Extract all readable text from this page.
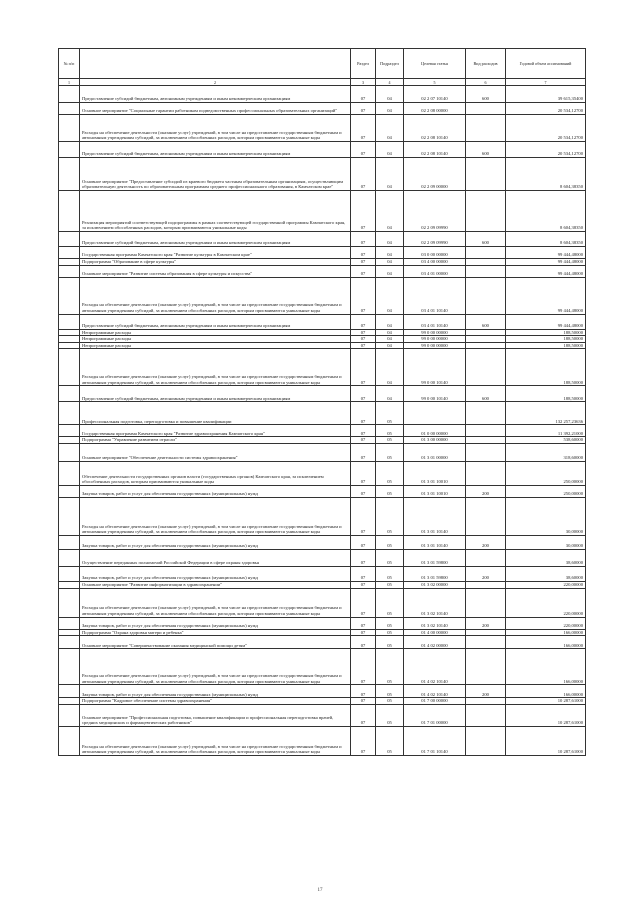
№ п/п		Раздел	Подраздел	Целевая статья	Вид расходов	Годовой объем ассигнований
1	2	3	4	5	6	7
	Предоставление субсидий бюджетным, автономным учреждениям и иным некоммерческим организациям	07	04	02 2 07 10140	600	39 615,35400
	Основное мероприятие "Социальные гарантии работникам подведомственных профессиональных образовательных организаций"	07	04	02 2 08 00000		20 534,12700
	Расходы на обеспечение деятельности (оказание услуг) учреждений, в том числе на предоставление государственным бюджетным и автономным учреждениям субсидий, за исключением обособленных расходов, которым присваиваются уникальные коды	07	04	02 2 08 10140		20 534,12700
	Предоставление субсидий бюджетным, автономным учреждениям и иным некоммерческим организациям	07	04	02 2 08 10140	600	20 534,12700
	Основное мероприятие "Предоставление субсидий из краевого бюджета частным образовательным организациям, осуществляющим образовательную деятельность по образовательным программам среднего профессионального образования, в Камчатском крае"	07	04	02 2 09 00000		8 604,38350
	Реализация мероприятий соответствующей подпрограммы в рамках соответствующей государственной программы Камчатского края, за исключением обособленных расходов, которым присваиваются уникальные коды	07	04	02 2 09 09990		8 604,38350
	Предоставление субсидий бюджетным, автономным учреждениям и иным некоммерческим организациям	07	04	02 2 09 09990	600	8 604,38350
	Государственная программа Камчатского края "Развитие культуры в Камчатском крае"	07	04	03 0 00 00000		99 444,48000
	Подпрограмма "Образование в сфере культуры"	07	04	03 4 00 00000		99 444,48000
	Основное мероприятие "Развитие системы образования в сфере культуры и искусства"	07	04	03 4 01 00000		99 444,48000
	Расходы на обеспечение деятельности (оказание услуг) учреждений, в том числе на предоставление государственным бюджетным и автономным учреждениям субсидий, за исключением обособленных расходов, которым присваиваются уникальные коды	07	04	03 4 01 10140		99 444,48000
	Предоставление субсидий бюджетным, автономным учреждениям и иным некоммерческим организациям	07	04	03 4 01 10140	600	99 444,48000
	Непрограммные расходы	07	04	99 0 00 00000		188,50000
	Непрограммные расходы	07	04	99 0 00 00000		188,50000
	Непрограммные расходы	07	04	99 0 00 00000		188,50000
	Расходы на обеспечение деятельности (оказание услуг) учреждений, в том числе на предоставление государственным бюджетным и автономным учреждениям субсидий, за исключением обособленных расходов, которым присваиваются уникальные коды	07	04	99 0 00 10140		188,50000
	Предоставление субсидий бюджетным, автономным учреждениям и иным некоммерческим организациям	07	04	99 0 00 10140	600	188,50000
	Профессиональная подготовка, переподготовка и повышение квалификации	07	05			132 257,23636
	Государственная программа Камчатского края "Развитие здравоохранения Камчатского края"	07	05	01 0 00 00000		11 392,21000
	Подпрограмма "Управление развитием отрасли"	07	05	01 3 00 00000		538,60000
	Основное мероприятие "Обеспечение деятельности системы здравоохранения"	07	05	01 3 01 00000		318,60000
	Обеспечение деятельности государственных органов власти (государственных органов) Камчатского края, за исключением обособленных расходов, которым присваиваются уникальные коды	07	05	01 3 01 10010		250,00000
	Закупка товаров, работ и услуг для обеспечения государственных (муниципальных) нужд	07	05	01 3 01 10010	200	250,00000
	Расходы на обеспечение деятельности (оказание услуг) учреждений, в том числе на предоставление государственным бюджетным и автономным учреждениям субсидий, за исключением обособленных расходов, которым присваиваются уникальные коды	07	05	01 3 01 10140		30,00000
	Закупка товаров, работ и услуг для обеспечения государственных (муниципальных) нужд	07	05	01 3 01 10140	200	30,00000
	Осуществление переданных полномочий Российской Федерации в сфере охраны здоровья	07	05	01 3 01 59800		38,60000
	Закупка товаров, работ и услуг для обеспечения государственных (муниципальных) нужд	07	05	01 3 01 59800	200	38,60000
	Основное мероприятие "Развитие информатизации в здравоохранении"	07	05	01 3 02 00000		220,00000
	Расходы на обеспечение деятельности (оказание услуг) учреждений, в том числе на предоставление государственным бюджетным и автономным учреждениям субсидий, за исключением обособленных расходов, которым присваиваются уникальные коды	07	05	01 3 02 10140		220,00000
	Закупка товаров, работ и услуг для обеспечения государственных (муниципальных) нужд	07	05	01 3 02 10140	200	220,00000
	Подпрограмма "Охрана здоровья матери и ребенка"	07	05	01 4 00 00000		166,00000
	Основное мероприятие "Совершенствование оказания медицинской помощи детям"	07	05	01 4 02 00000		166,00000
	Расходы на обеспечение деятельности (оказание услуг) учреждений, в том числе на предоставление государственным бюджетным и автономным учреждениям субсидий, за исключением обособленных расходов, которым присваиваются уникальные коды	07	05	01 4 02 10140		166,00000
	Закупка товаров, работ и услуг для обеспечения государственных (муниципальных) нужд	07	05	01 4 02 10140	200	166,00000
	Подпрограмма "Кадровое обеспечение системы здравоохранения"	07	05	01 7 00 00000		10 287,61000
	Основное мероприятие "Профессиональная подготовка, повышение квалификации и профессиональная переподготовка врачей, средних медицинских и фармацевтических работников"	07	05	01 7 01 00000		10 287,61000
	Расходы на обеспечение деятельности (оказание услуг) учреждений, в том числе на предоставление государственным бюджетным и автономным учреждениям субсидий, за исключением обособленных расходов, которым присваиваются уникальные коды	07	05	01 7 01 10140		10 287,61000
17
